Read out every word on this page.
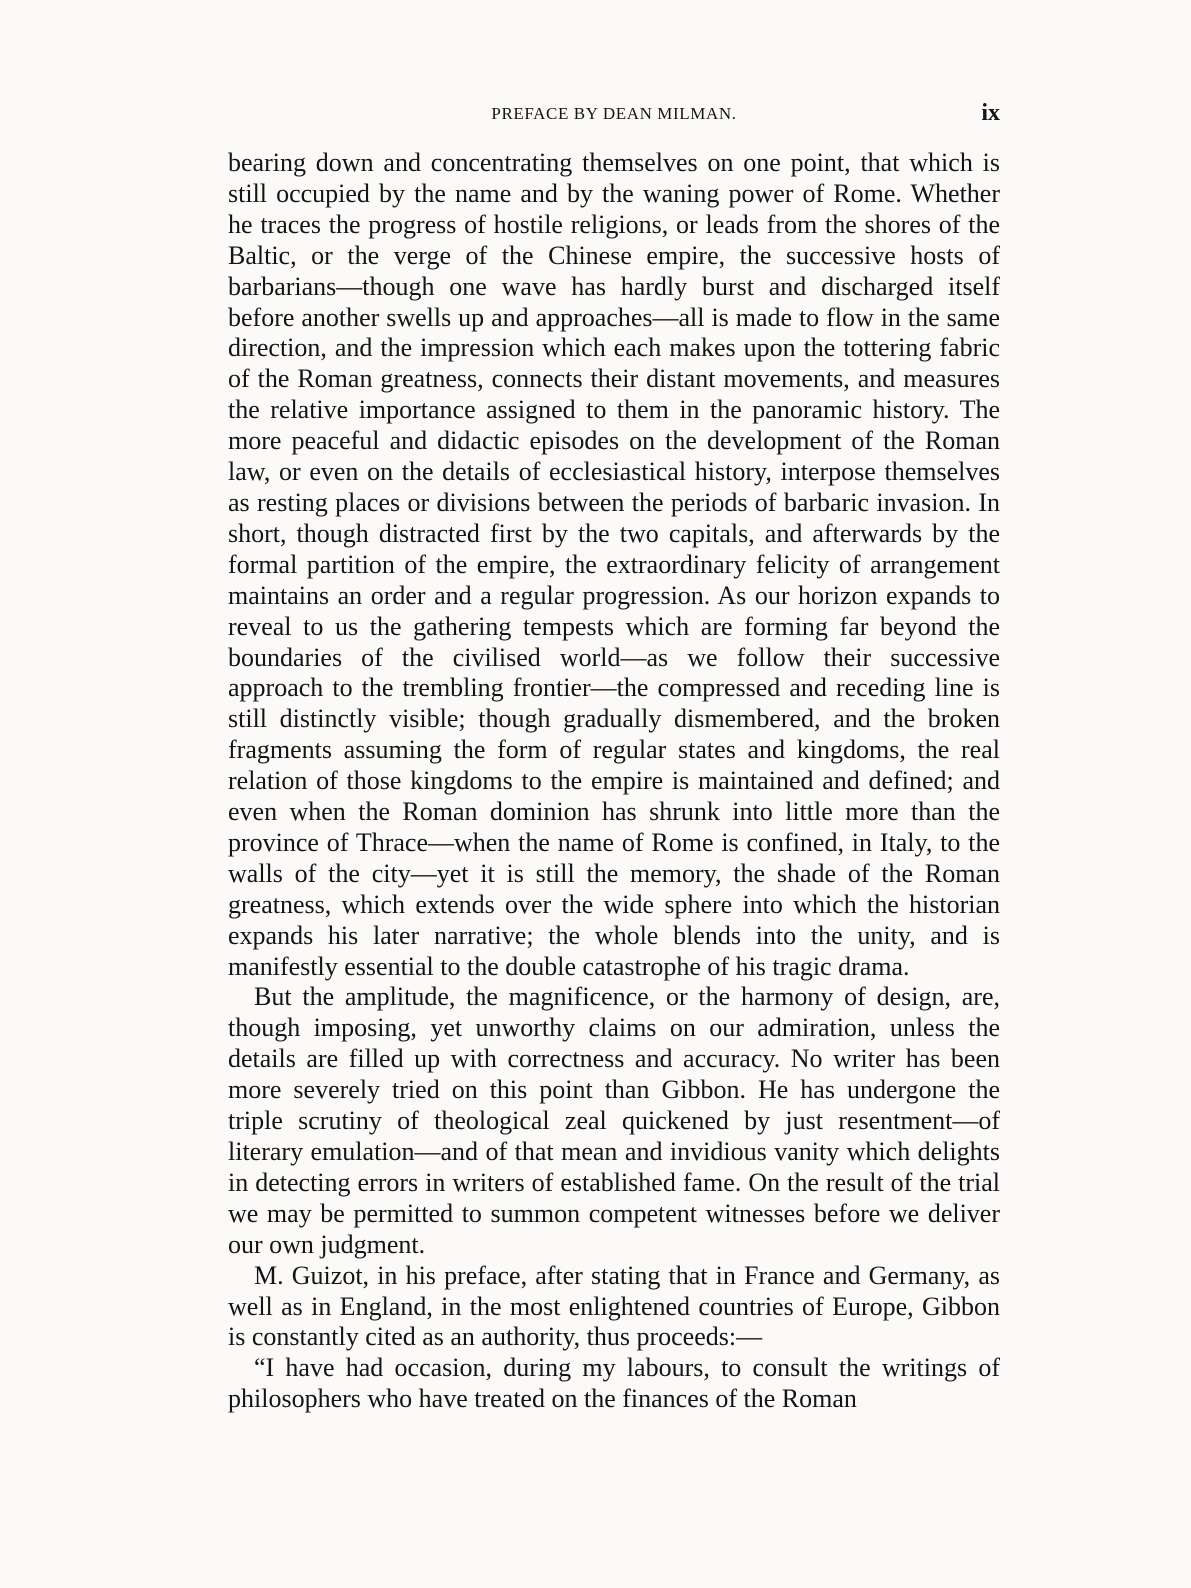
PREFACE BY DEAN MILMAN.	ix

bearing down and concentrating themselves on one point, that which is still occupied by the name and by the waning power of Rome. Whether he traces the progress of hostile religions, or leads from the shores of the Baltic, or the verge of the Chinese empire, the successive hosts of barbarians—though one wave has hardly burst and discharged itself before another swells up and approaches—all is made to flow in the same direction, and the impression which each makes upon the tottering fabric of the Roman greatness, connects their distant movements, and measures the relative importance assigned to them in the panoramic history. The more peaceful and didactic episodes on the development of the Roman law, or even on the details of ecclesiastical history, interpose themselves as resting places or divisions between the periods of barbaric invasion. In short, though distracted first by the two capitals, and afterwards by the formal partition of the empire, the extraordinary felicity of arrangement maintains an order and a regular progression. As our horizon expands to reveal to us the gathering tempests which are forming far beyond the boundaries of the civilised world—as we follow their successive approach to the trembling frontier—the compressed and receding line is still distinctly visible; though gradually dismembered, and the broken fragments assuming the form of regular states and kingdoms, the real relation of those kingdoms to the empire is maintained and defined; and even when the Roman dominion has shrunk into little more than the province of Thrace—when the name of Rome is confined, in Italy, to the walls of the city—yet it is still the memory, the shade of the Roman greatness, which extends over the wide sphere into which the historian expands his later narrative; the whole blends into the unity, and is manifestly essential to the double catastrophe of his tragic drama.

But the amplitude, the magnificence, or the harmony of design, are, though imposing, yet unworthy claims on our admiration, unless the details are filled up with correctness and accuracy. No writer has been more severely tried on this point than Gibbon. He has undergone the triple scrutiny of theological zeal quickened by just resentment—of literary emulation—and of that mean and invidious vanity which delights in detecting errors in writers of established fame. On the result of the trial we may be permitted to summon competent witnesses before we deliver our own judgment.

M. Guizot, in his preface, after stating that in France and Germany, as well as in England, in the most enlightened countries of Europe, Gibbon is constantly cited as an authority, thus proceeds:—

“I have had occasion, during my labours, to consult the writings of philosophers who have treated on the finances of the Roman
